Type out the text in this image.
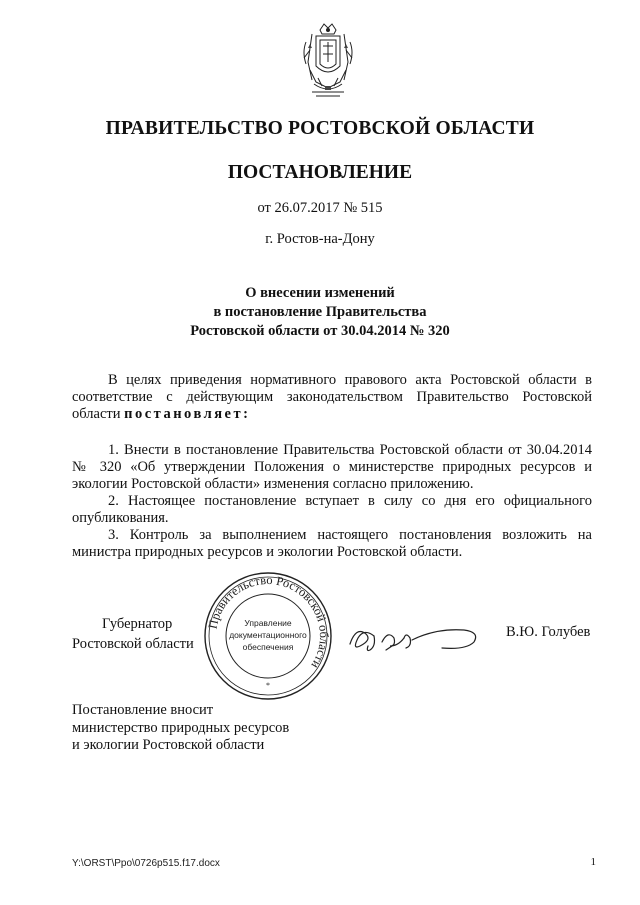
ПРАВИТЕЛЬСТВО РОСТОВСКОЙ ОБЛАСТИ
ПОСТАНОВЛЕНИЕ
от 26.07.2017 № 515
г. Ростов-на-Дону
О внесении изменений
в постановление Правительства
Ростовской области от 30.04.2014 № 320
В целях приведения нормативного правового акта Ростовской области в соответствие с действующим законодательством Правительство Ростовской области постановляет:
1. Внести в постановление Правительства Ростовской области от 30.04.2014 № 320 «Об утверждении Положения о министерстве природных ресурсов и экологии Ростовской области» изменения согласно приложению.
2. Настоящее постановление вступает в силу со дня его официального опубликования.
3. Контроль за выполнением настоящего постановления возложить на министра природных ресурсов и экологии Ростовской области.
Губернатор
Ростовской области
Правительство Ростовской области
Управление
документационного
обеспечения
*
В.Ю. Голубев
Постановление вносит
министерство природных ресурсов
и экологии Ростовской области
Y:\ORST\Ppo\0726p515.f17.docx	1
